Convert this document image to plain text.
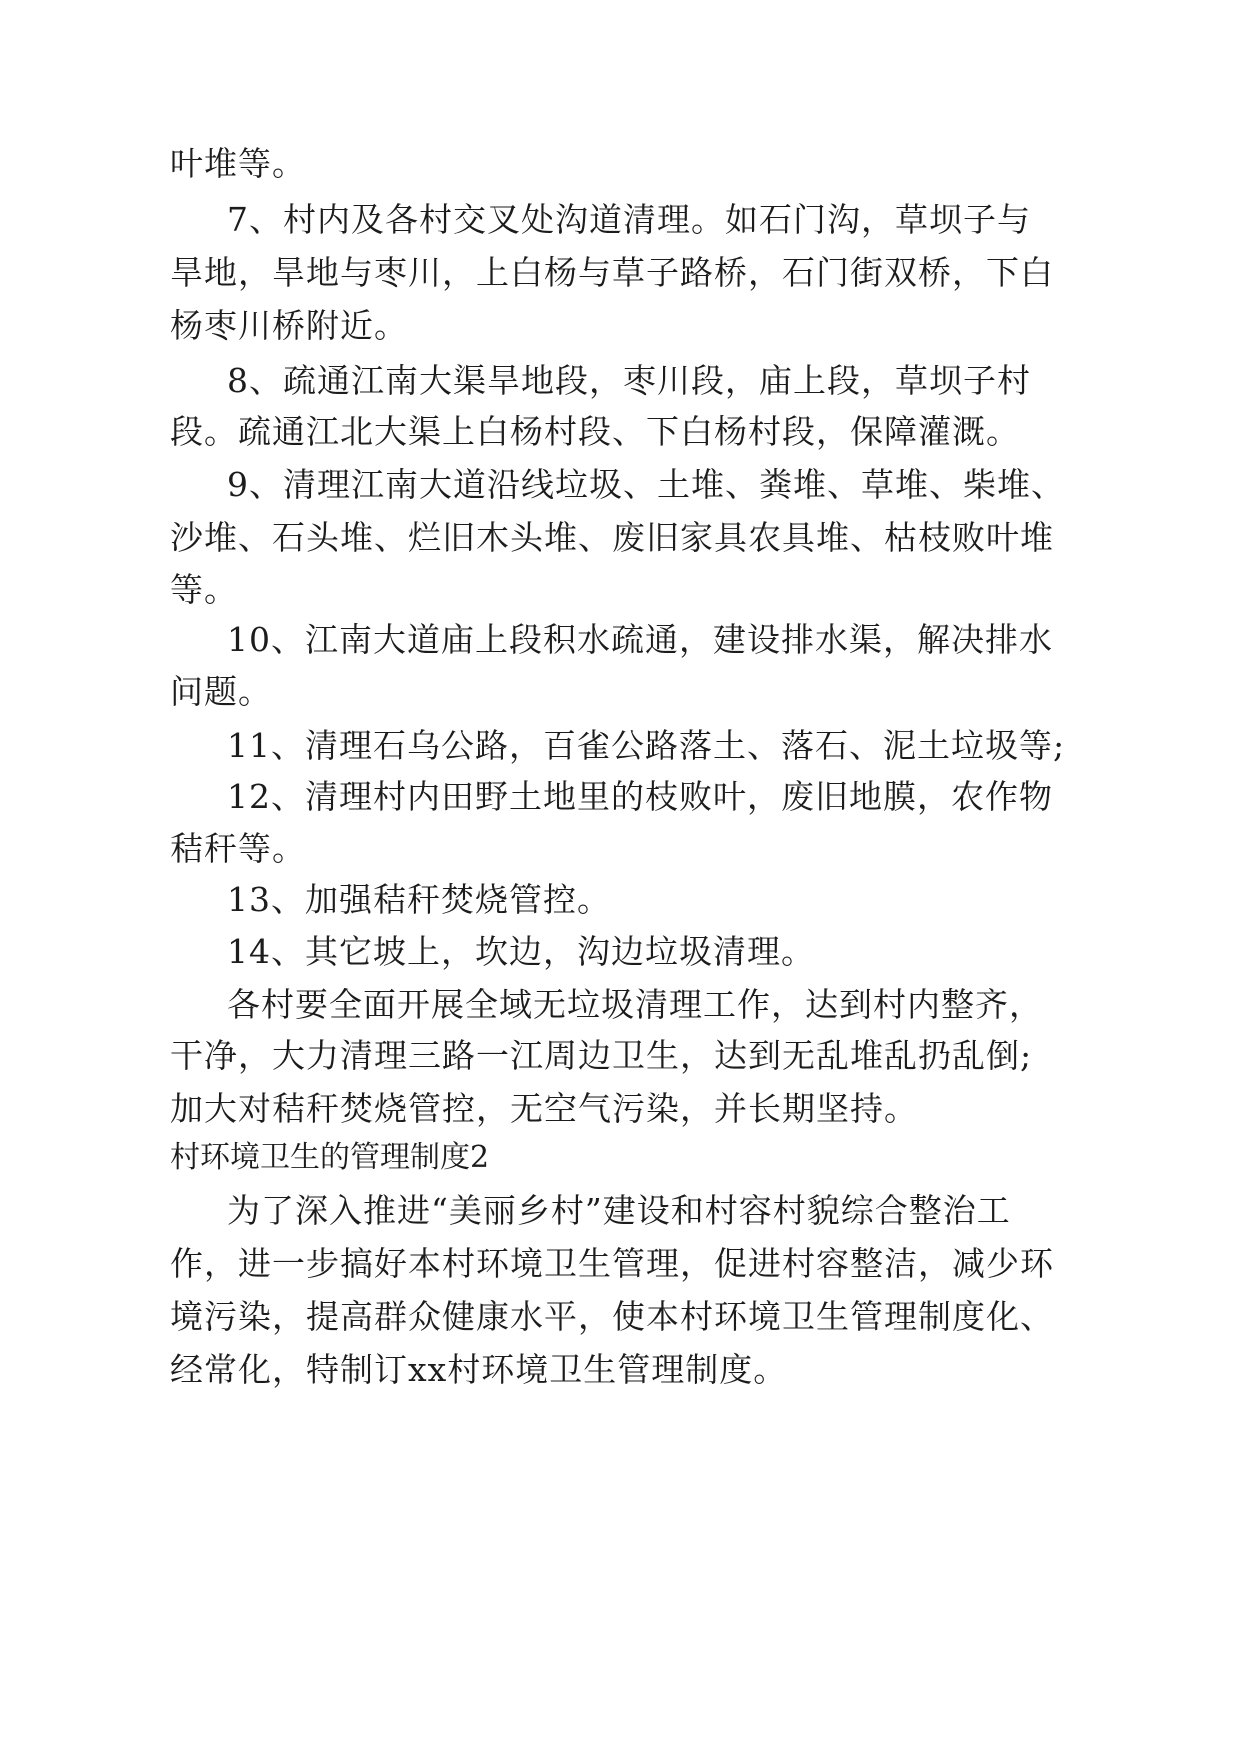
叶堆等。
7、村内及各村交叉处沟道清理。如石门沟，草坝子与
旱地，旱地与枣川，上白杨与草子路桥，石门街双桥，下白
杨枣川桥附近。
8、疏通江南大渠旱地段，枣川段，庙上段，草坝子村
段。疏通江北大渠上白杨村段、下白杨村段，保障灌溉。
9、清理江南大道沿线垃圾、土堆、粪堆、草堆、柴堆、
沙堆、石头堆、烂旧木头堆、废旧家具农具堆、枯枝败叶堆
等。
10、江南大道庙上段积水疏通，建设排水渠，解决排水
问题。
11、清理石乌公路，百雀公路落土、落石、泥土垃圾等;
12、清理村内田野土地里的枝败叶，废旧地膜，农作物
秸秆等。
13、加强秸秆焚烧管控。
14、其它坡上，坎边，沟边垃圾清理。
各村要全面开展全域无垃圾清理工作，达到村内整齐，
干净，大力清理三路一江周边卫生，达到无乱堆乱扔乱倒;
加大对秸秆焚烧管控，无空气污染，并长期坚持。
村环境卫生的管理制度2
为了深入推进“美丽乡村”建设和村容村貌综合整治工
作，进一步搞好本村环境卫生管理，促进村容整洁，减少环
境污染，提高群众健康水平，使本村环境卫生管理制度化、
经常化，特制订xx村环境卫生管理制度。
